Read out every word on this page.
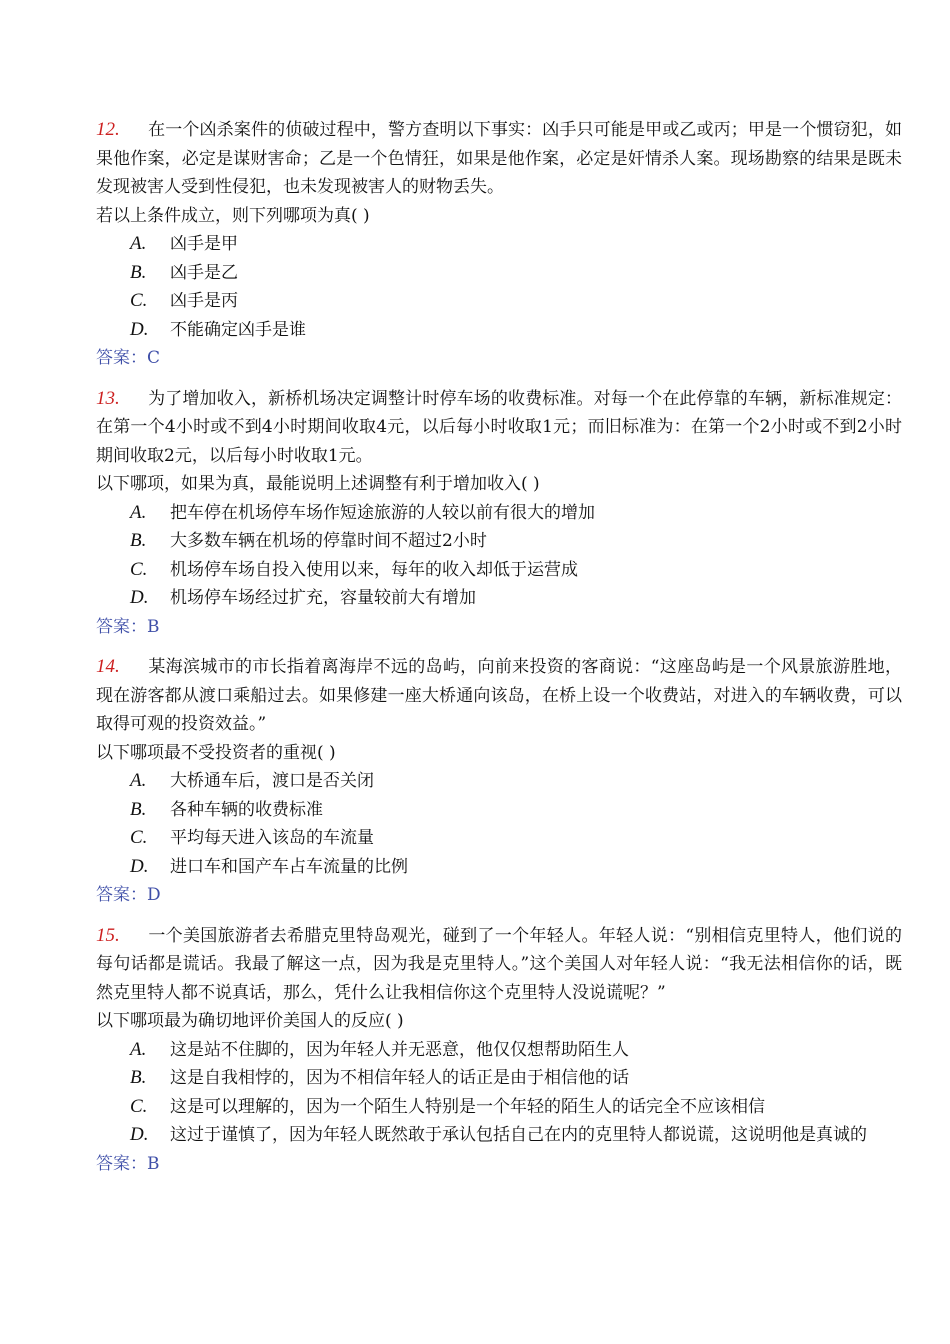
12. 在一个凶杀案件的侦破过程中，警方查明以下事实：凶手只可能是甲或乙或丙；甲是一个惯窃犯，如果他作案，必定是谋财害命；乙是一个色情狂，如果是他作案，必定是奸情杀人案。现场勘察的结果是既未发现被害人受到性侵犯，也未发现被害人的财物丢失。

若以上条件成立，则下列哪项为真( )

A.	凶手是甲
B.	凶手是乙
C.	凶手是丙
D.	不能确定凶手是谁

答案：C

13. 为了增加收入，新桥机场决定调整计时停车场的收费标准。对每一个在此停靠的车辆，新标准规定：在第一个4小时或不到4小时期间收取4元，以后每小时收取1元；而旧标准为：在第一个2小时或不到2小时期间收取2元，以后每小时收取1元。

以下哪项，如果为真，最能说明上述调整有利于增加收入( )

A.	把车停在机场停车场作短途旅游的人较以前有很大的增加
B.	大多数车辆在机场的停靠时间不超过2小时
C.	机场停车场自投入使用以来，每年的收入却低于运营成
D.	机场停车场经过扩充，容量较前大有增加

答案：B

14. 某海滨城市的市长指着离海岸不远的岛屿，向前来投资的客商说：“这座岛屿是一个风景旅游胜地，现在游客都从渡口乘船过去。如果修建一座大桥通向该岛，在桥上设一个收费站，对进入的车辆收费，可以取得可观的投资效益。”

以下哪项最不受投资者的重视( )

A.	大桥通车后，渡口是否关闭
B.	各种车辆的收费标准
C.	平均每天进入该岛的车流量
D.	进口车和国产车占车流量的比例

答案：D

15. 一个美国旅游者去希腊克里特岛观光，碰到了一个年轻人。年轻人说：“别相信克里特人，他们说的每句话都是谎话。我最了解这一点，因为我是克里特人。”这个美国人对年轻人说：“我无法相信你的话，既然克里特人都不说真话，那么，凭什么让我相信你这个克里特人没说谎呢？”

以下哪项最为确切地评价美国人的反应( )

A.	这是站不住脚的，因为年轻人并无恶意，他仅仅想帮助陌生人
B.	这是自我相悖的，因为不相信年轻人的话正是由于相信他的话
C.	这是可以理解的，因为一个陌生人特别是一个年轻的陌生人的话完全不应该相信
D.	这过于谨慎了，因为年轻人既然敢于承认包括自己在内的克里特人都说谎，这说明他是真诚的

答案：B
